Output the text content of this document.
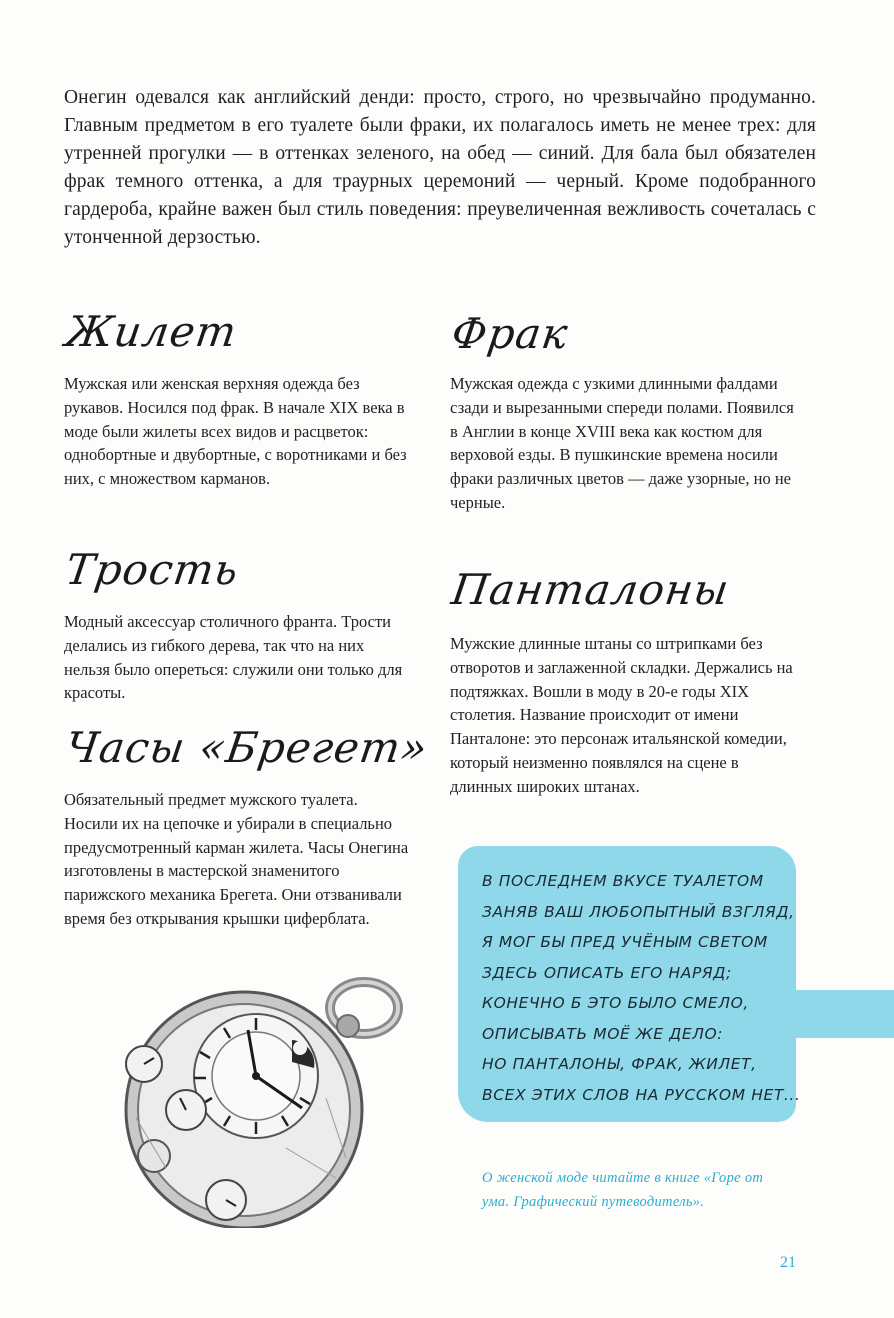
Онегин одевался как английский денди: просто, строго, но чрезвычайно продуманно. Главным предметом в его туалете были фраки, их полагалось иметь не менее трех: для утренней прогулки — в оттенках зеленого, на обед — синий. Для бала был обязателен фрак темного оттенка, а для траурных церемоний — черный. Кроме подобранного гардероба, крайне важен был стиль поведения: преувеличенная вежливость сочеталась с утонченной дерзостью.

Жилет

Мужская или женская верхняя одежда без рукавов. Носился под фрак. В начале XIX века в моде были жилеты всех видов и расцветок: однобортные и двубортные, с воротниками и без них, с множеством карманов.

Фрак

Мужская одежда с узкими длинными фалдами сзади и вырезанными спереди полами. Появился в Англии в конце XVIII века как костюм для верховой езды. В пушкинские времена носили фраки различных цветов — даже узорные, но не черные.

Трость

Модный аксессуар столичного франта. Трости делались из гибкого дерева, так что на них нельзя было опереться: служили они только для красоты.

Панталоны

Мужские длинные штаны со штрипками без отворотов и заглаженной складки. Держались на подтяжках. Вошли в моду в 20-е годы XIX столетия. Название происходит от имени Панталоне: это персонаж итальянской комедии, который неизменно появлялся на сцене в длинных широких штанах.

Часы «Брегет»

Обязательный предмет мужского туалета. Носили их на цепочке и убирали в специально предусмотренный карман жилета. Часы Онегина изготовлены в мастерской знаменитого парижского механика Брегета. Они отзванивали время без открывания крышки циферблата.

В ПОСЛЕДНЕМ ВКУСЕ ТУАЛЕТОМ
ЗАНЯВ ВАШ ЛЮБОПЫТНЫЙ ВЗГЛЯД,
Я МОГ БЫ ПРЕД УЧЁНЫМ СВЕТОМ
ЗДЕСЬ ОПИСАТЬ ЕГО НАРЯД;
КОНЕЧНО Б ЭТО БЫЛО СМЕЛО,
ОПИСЫВАТЬ МОЁ ЖЕ ДЕЛО:
НО ПАНТАЛОНЫ, ФРАК, ЖИЛЕТ,
ВСЕХ ЭТИХ СЛОВ НА РУССКОМ НЕТ...

О женской моде читайте в книге «Горе от ума. Графический путеводитель».

21
